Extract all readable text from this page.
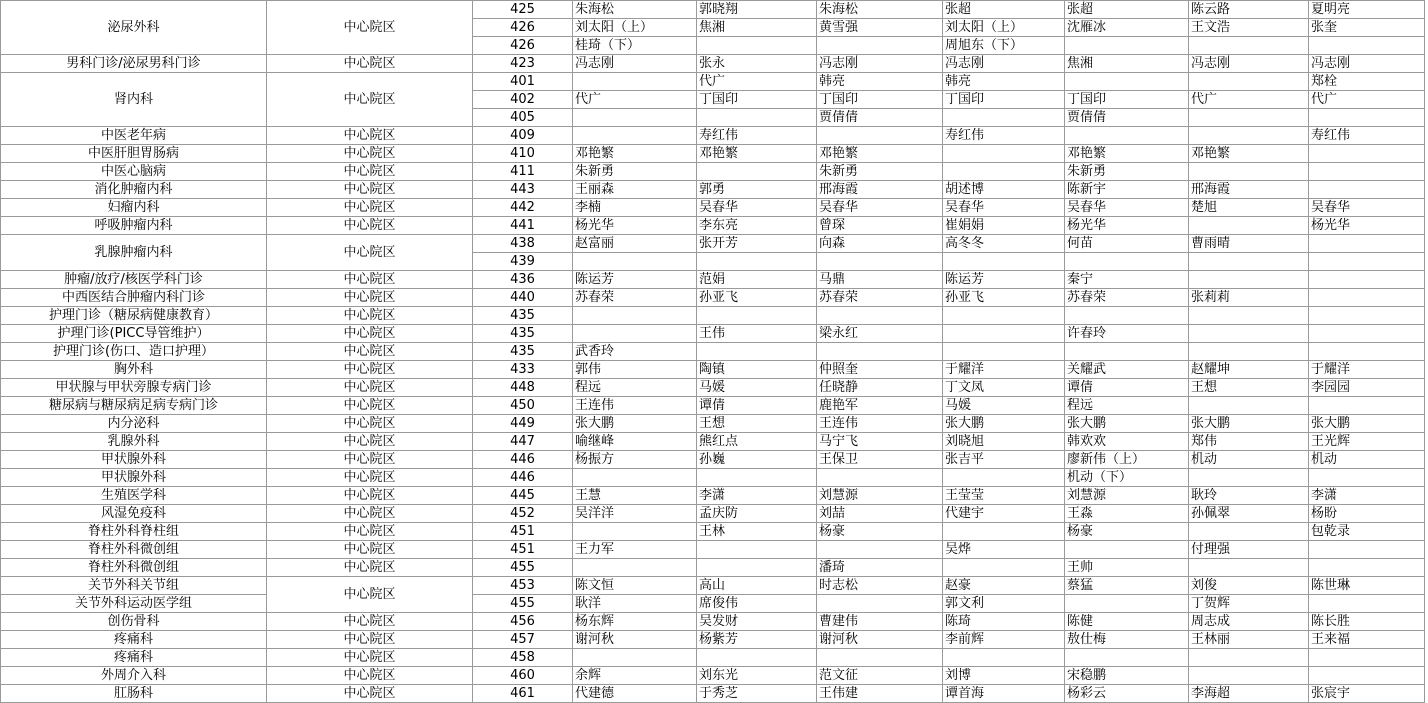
泌尿外科	中心院区	425	朱海松	郭晓翔	朱海松	张超	张超	陈云路	夏明亮
		426	刘太阳（上）	焦湘	黄雪强	刘太阳（上）	沈雁冰	王文浩	张奎
		426	桂琦（下）			周旭东（下）			
男科门诊/泌尿男科门诊	中心院区	423	冯志刚	张永	冯志刚	冯志刚	焦湘	冯志刚	冯志刚
肾内科	中心院区	401		代广	韩亮	韩亮			郑栓
		402	代广	丁国印	丁国印	丁国印	丁国印	代广	代广
		405			贾倩倩		贾倩倩		
中医老年病	中心院区	409		寿红伟		寿红伟			寿红伟
中医肝胆胃肠病	中心院区	410	邓艳繁	邓艳繁	邓艳繁		邓艳繁	邓艳繁	
中医心脑病	中心院区	411	朱新勇		朱新勇		朱新勇		
消化肿瘤内科	中心院区	443	王丽森	郭勇	邢海霞	胡述博	陈新宇	邢海霞	
妇瘤内科	中心院区	442	李楠	吴春华	吴春华	吴春华	吴春华	楚旭	吴春华
呼吸肿瘤内科	中心院区	441	杨光华	李东亮	曾琛	崔娟娟	杨光华		杨光华
乳腺肿瘤内科	中心院区	438	赵富丽	张开芳	向森	高冬冬	何苗	曹雨晴	
		439							
肿瘤/放疗/核医学科门诊	中心院区	436	陈运芳	范娟	马鼎	陈运芳	秦宁		
中西医结合肿瘤内科门诊	中心院区	440	苏春荣	孙亚飞	苏春荣	孙亚飞	苏春荣	张莉莉	
护理门诊（糖尿病健康教育）	中心院区	435							
护理门诊(PICC导管维护）	中心院区	435		王伟	梁永红		许春玲		
护理门诊(伤口、造口护理）	中心院区	435	武香玲						
胸外科	中心院区	433	郭伟	陶镇	仲照奎	于耀洋	关耀武	赵耀坤	于耀洋
甲状腺与甲状旁腺专病门诊	中心院区	448	程远	马媛	任晓静	丁文凤	谭倩	王想	李园园
糖尿病与糖尿病足病专病门诊	中心院区	450	王连伟	谭倩	鹿艳军	马媛	程远		
内分泌科	中心院区	449	张大鹏	王想	王连伟	张大鹏	张大鹏	张大鹏	张大鹏
乳腺外科	中心院区	447	喻继峰	熊红点	马宁飞	刘晓旭	韩欢欢	郑伟	王光辉
甲状腺外科	中心院区	446	杨振方	孙巍	王保卫	张吉平	廖新伟（上）	机动	机动
甲状腺外科	中心院区	446					机动（下）		
生殖医学科	中心院区	445	王慧	李潇	刘慧源	王莹莹	刘慧源	耿玲	李潇
风湿免疫科	中心院区	452	吴洋洋	孟庆防	刘喆	代建宇	王淼	孙佩翠	杨盼
脊柱外科脊柱组	中心院区	451		王林	杨豪		杨豪		包乾录
脊柱外科微创组	中心院区	451	王力军			吴烨		付理强	
脊柱外科微创组	中心院区	455			潘琦		王帅		
关节外科关节组	中心院区	453	陈文恒	高山	时志松	赵豪	蔡猛	刘俊	陈世琳
关节外科运动医学组		455	耿洋	席俊伟		郭文利		丁贺辉	
创伤骨科	中心院区	456	杨东辉	吴发财	曹建伟	陈琦	陈健	周志成	陈长胜
疼痛科	中心院区	457	谢河秋	杨紫芳	谢河秋	李前辉	敖仕梅	王林丽	王来福
疼痛科	中心院区	458							
外周介入科	中心院区	460	余辉	刘东光	范文征	刘博	宋稳鹏		
肛肠科	中心院区	461	代建德	于秀芝	王伟建	谭首海	杨彩云	李海超	张宸宇
